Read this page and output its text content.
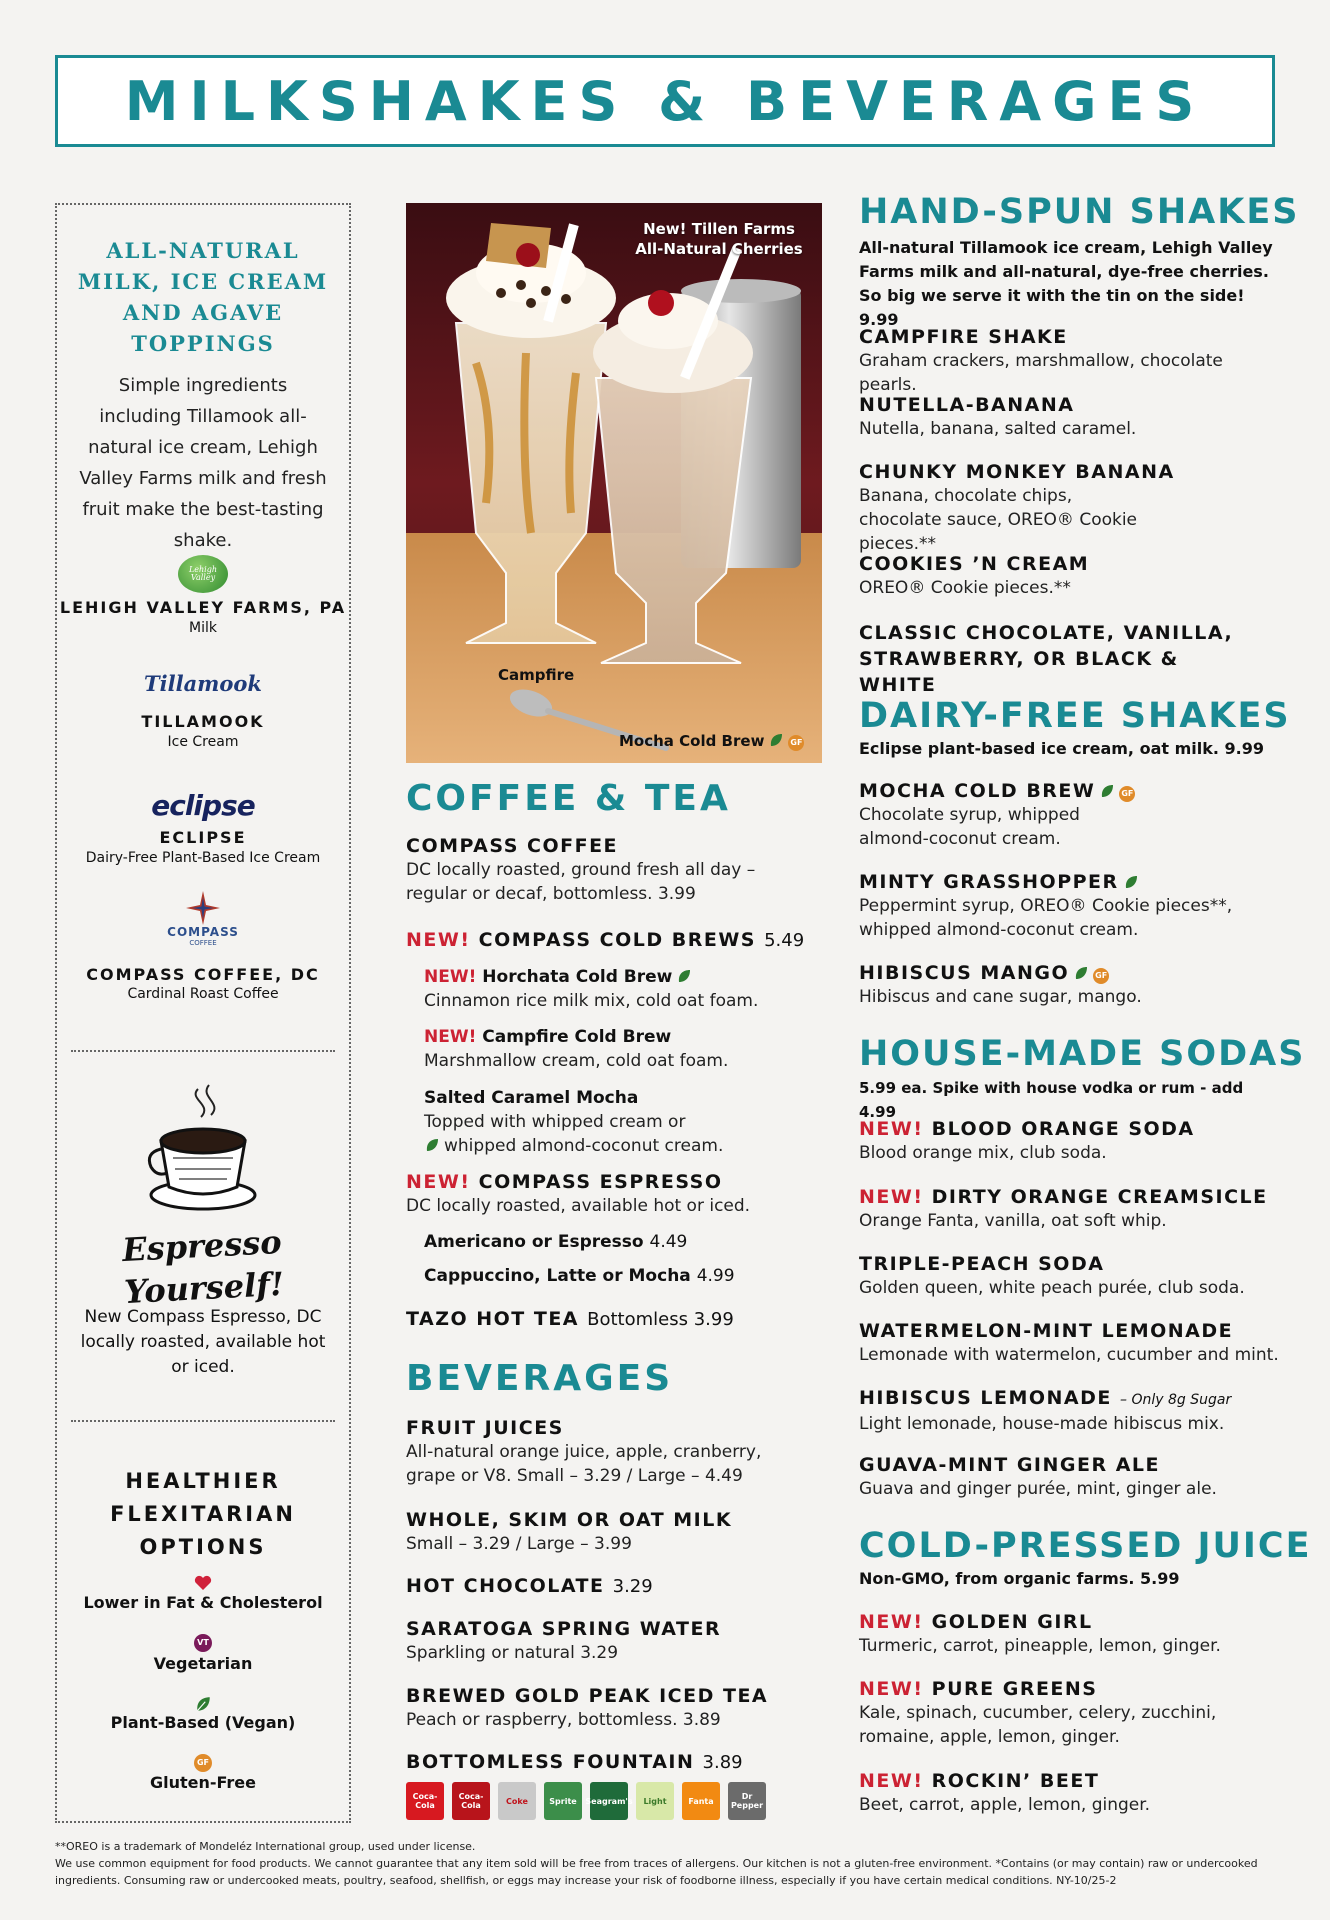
MILKSHAKES & BEVERAGES
ALL-NATURAL
MILK, ICE CREAM
AND AGAVE
TOPPINGS
Simple ingredients including Tillamook all-natural ice cream, Lehigh Valley Farms milk and fresh fruit make the best-tasting shake.
Lehigh Valley
LEHIGH VALLEY FARMS, PA
Milk
Tillamook
TILLAMOOK
Ice Cream
eclipse
ECLIPSE
Dairy-Free Plant-Based Ice Cream
COMPASS
COFFEE
COMPASS COFFEE, DC
Cardinal Roast Coffee
Espresso
Yourself!
New Compass Espresso, DC locally roasted, available hot or iced.
HEALTHIER
FLEXITARIAN
OPTIONS
Lower in Fat & Cholesterol
VT
Vegetarian
Plant-Based (Vegan)
GF
Gluten-Free
New! Tillen Farms
All-Natural Cherries
Campfire
Mocha Cold Brew	GF
COFFEE & TEA
COMPASS COFFEE
DC locally roasted, ground fresh all day – regular or decaf, bottomless. 3.99
NEW! COMPASS COLD BREWS 5.49
NEW! Horchata Cold Brew
Cinnamon rice milk mix, cold oat foam.
NEW! Campfire Cold Brew
Marshmallow cream, cold oat foam.
Salted Caramel Mocha
Topped with whipped cream or
whipped almond-coconut cream.
NEW! COMPASS ESPRESSO
DC locally roasted, available hot or iced.
Americano or Espresso 4.49
Cappuccino, Latte or Mocha 4.99
TAZO HOT TEA Bottomless 3.99
BEVERAGES
FRUIT JUICES
All-natural orange juice, apple, cranberry, grape or V8. Small – 3.29 / Large – 4.49
WHOLE, SKIM OR OAT MILK
Small – 3.29 / Large – 3.99
HOT CHOCOLATE 3.29
SARATOGA SPRING WATER
Sparkling or natural 3.29
BREWED GOLD PEAK ICED TEA
Peach or raspberry, bottomless. 3.89
BOTTOMLESS FOUNTAIN 3.89
Coca-Cola
Coca-Cola	Coke	Sprite	Seagram's	Light	Fanta	Dr Pepper
HAND-SPUN SHAKES
All-natural Tillamook ice cream, Lehigh Valley Farms milk and all-natural, dye-free cherries. So big we serve it with the tin on the side! 9.99
CAMPFIRE SHAKE
Graham crackers, marshmallow, chocolate pearls.
NUTELLA-BANANA
Nutella, banana, salted caramel.
CHUNKY MONKEY BANANA
Banana, chocolate chips, chocolate sauce, OREO® Cookie pieces.**
COOKIES ’N CREAM
OREO® Cookie pieces.**
CLASSIC CHOCOLATE, VANILLA, STRAWBERRY, OR BLACK & WHITE
DAIRY-FREE SHAKES
Eclipse plant-based ice cream, oat milk. 9.99
MOCHA COLD BREW	GF
Chocolate syrup, whipped almond-coconut cream.
MINTY GRASSHOPPER
Peppermint syrup, OREO® Cookie pieces**, whipped almond-coconut cream.
HIBISCUS MANGO	GF
Hibiscus and cane sugar, mango.
HOUSE-MADE SODAS
5.99 ea. Spike with house vodka or rum - add 4.99
NEW! BLOOD ORANGE SODA
Blood orange mix, club soda.
NEW! DIRTY ORANGE CREAMSICLE
Orange Fanta, vanilla, oat soft whip.
TRIPLE-PEACH SODA
Golden queen, white peach purée, club soda.
WATERMELON-MINT LEMONADE
Lemonade with watermelon, cucumber and mint.
HIBISCUS LEMONADE – Only 8g Sugar
Light lemonade, house-made hibiscus mix.
GUAVA-MINT GINGER ALE
Guava and ginger purée, mint, ginger ale.
COLD-PRESSED JUICE
Non-GMO, from organic farms. 5.99
NEW! GOLDEN GIRL
Turmeric, carrot, pineapple, lemon, ginger.
NEW! PURE GREENS
Kale, spinach, cucumber, celery, zucchini, romaine, apple, lemon, ginger.
NEW! ROCKIN’ BEET
Beet, carrot, apple, lemon, ginger.
**OREO is a trademark of Mondeléz International group, used under license.
We use common equipment for food products. We cannot guarantee that any item sold will be free from traces of allergens. Our kitchen is not a gluten-free environment. *Contains (or may contain) raw or undercooked ingredients. Consuming raw or undercooked meats, poultry, seafood, shellfish, or eggs may increase your risk of foodborne illness, especially if you have certain medical conditions. NY-10/25-2
